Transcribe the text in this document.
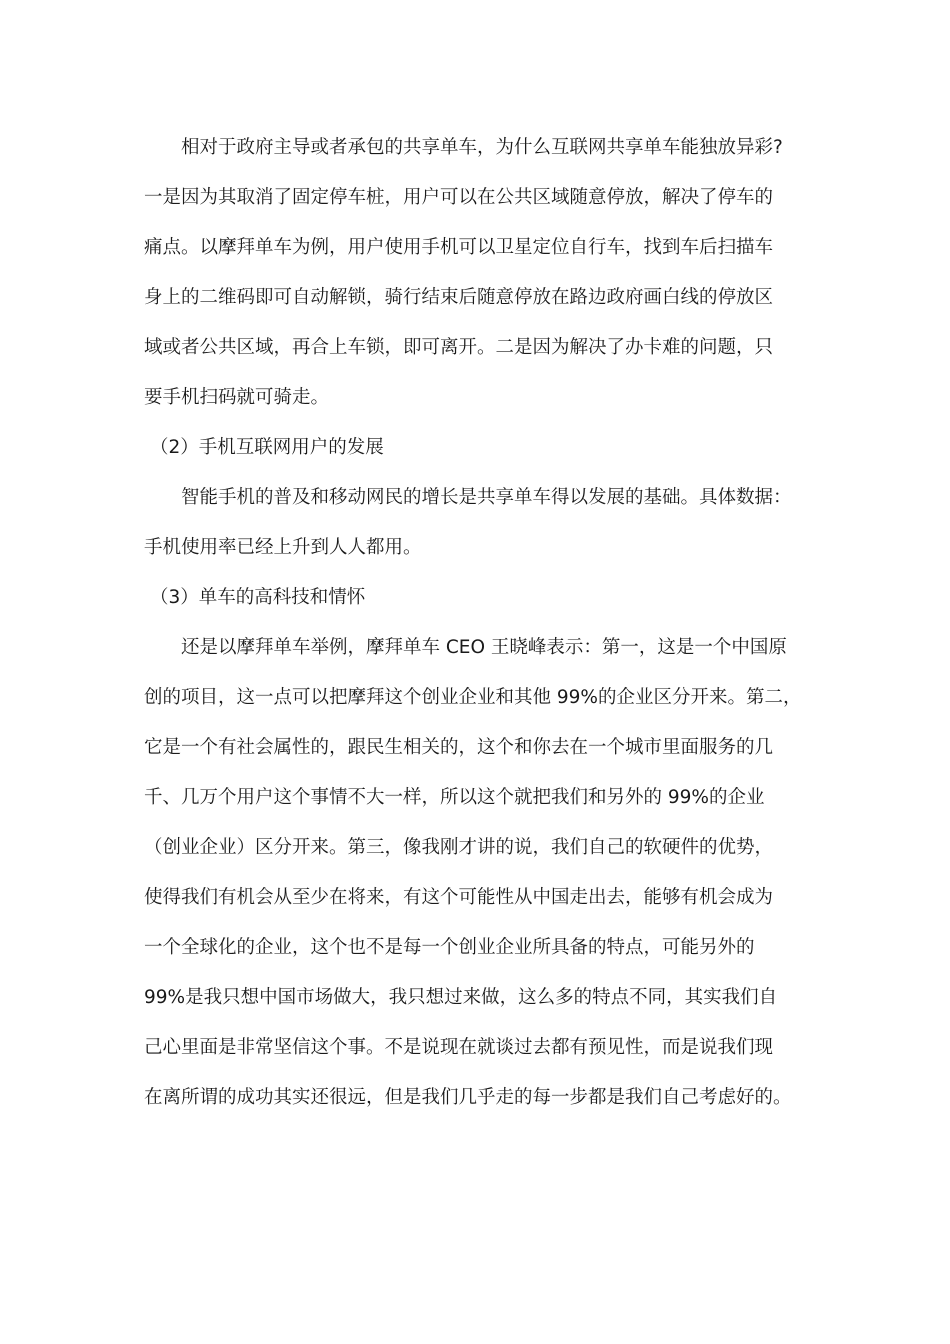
相对于政府主导或者承包的共享单车，为什么互联网共享单车能独放异彩?
一是因为其取消了固定停车桩，用户可以在公共区域随意停放，解决了停车的
痛点。以摩拜单车为例，用户使用手机可以卫星定位自行车，找到车后扫描车
身上的二维码即可自动解锁，骑行结束后随意停放在路边政府画白线的停放区
域或者公共区域，再合上车锁，即可离开。二是因为解决了办卡难的问题，只
要手机扫码就可骑走。
（2）手机互联网用户的发展
智能手机的普及和移动网民的增长是共享单车得以发展的基础。具体数据：
手机使用率已经上升到人人都用。
（3）单车的高科技和情怀
还是以摩拜单车举例，摩拜单车 CEO 王晓峰表示：第一，这是一个中国原
创的项目，这一点可以把摩拜这个创业企业和其他 99%的企业区分开来。第二，
它是一个有社会属性的，跟民生相关的，这个和你去在一个城市里面服务的几
千、几万个用户这个事情不大一样，所以这个就把我们和另外的 99%的企业
（创业企业）区分开来。第三，像我刚才讲的说，我们自己的软硬件的优势，
使得我们有机会从至少在将来，有这个可能性从中国走出去，能够有机会成为
一个全球化的企业，这个也不是每一个创业企业所具备的特点，可能另外的
99%是我只想中国市场做大，我只想过来做，这么多的特点不同，其实我们自
己心里面是非常坚信这个事。不是说现在就谈过去都有预见性，而是说我们现
在离所谓的成功其实还很远，但是我们几乎走的每一步都是我们自己考虑好的。
